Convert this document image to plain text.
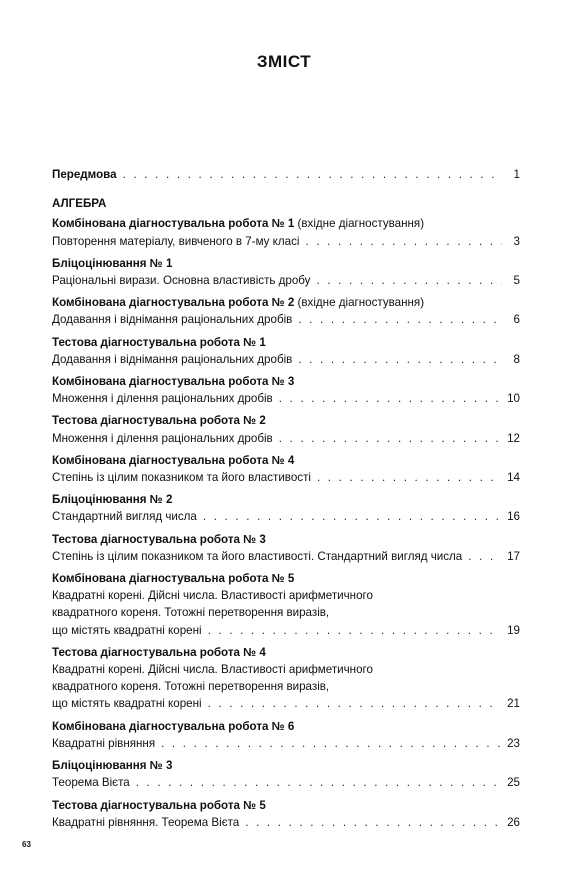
ЗМІСТ
Передмова . . .	1
АЛГЕБРА
Комбінована діагностувальна робота № 1 (вхідне діагностування)
Повторення матеріалу, вивченого в 7-му класі . . .	3
Бліцоцінювання № 1
Раціональні вирази. Основна властивість дробу . . .	5
Комбінована діагностувальна робота № 2 (вхідне діагностування)
Додавання і віднімання раціональних дробів . . .	6
Тестова діагностувальна робота № 1
Додавання і віднімання раціональних дробів . . .	8
Комбінована діагностувальна робота № 3
Множення і ділення раціональних дробів . . .	10
Тестова діагностувальна робота № 2
Множення і ділення раціональних дробів . . .	12
Комбінована діагностувальна робота № 4
Степінь із цілим показником та його властивості . . .	14
Бліцоцінювання № 2
Стандартний вигляд числа . . .	16
Тестова діагностувальна робота № 3
Степінь із цілим показником та його властивості. Стандартний вигляд числа . . .	17
Комбінована діагностувальна робота № 5
Квадратні корені. Дійсні числа. Властивості арифметичного
квадратного кореня. Тотожні перетворення виразів,
що містять квадратні корені . . .	19
Тестова діагностувальна робота № 4
Квадратні корені. Дійсні числа. Властивості арифметичного
квадратного кореня. Тотожні перетворення виразів,
що містять квадратні корені . . .	21
Комбінована діагностувальна робота № 6
Квадратні рівняння . . .	23
Бліцоцінювання № 3
Теорема Вієта . . .	25
Тестова діагностувальна робота № 5
Квадратні рівняння. Теорема Вієта . . .	26
63
